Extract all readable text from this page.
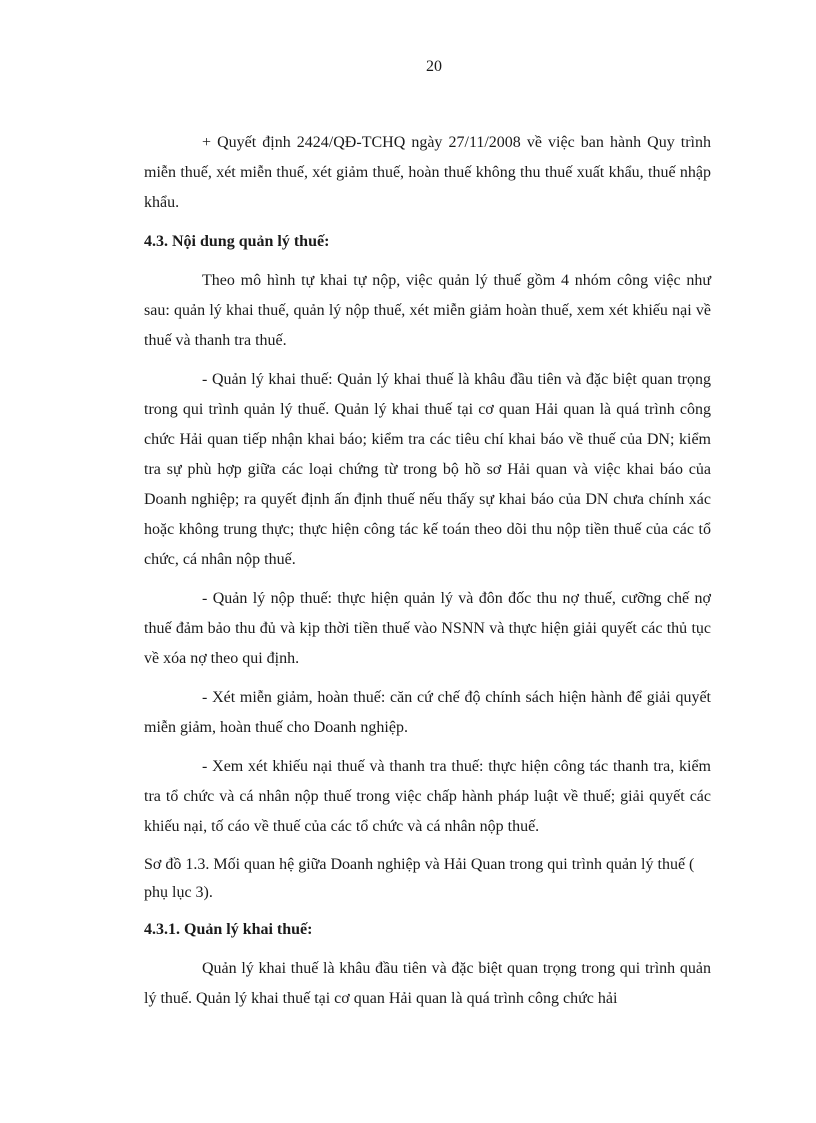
20

+ Quyết định 2424/QĐ-TCHQ ngày 27/11/2008 về việc ban hành Quy trình miễn thuế, xét miễn thuế, xét giảm thuế, hoàn thuế không thu thuế xuất khẩu, thuế nhập khẩu.

4.3. Nội dung quản lý thuế:

Theo mô hình tự khai tự nộp, việc quản lý thuế gồm 4 nhóm công việc như sau: quản lý khai thuế, quản lý nộp thuế, xét miễn giảm hoàn thuế, xem xét khiếu nại về thuế và thanh tra thuế.

- Quản lý khai thuế: Quản lý khai thuế là khâu đầu tiên và đặc biệt quan trọng trong qui trình quản lý thuế. Quản lý khai thuế tại cơ quan Hải quan là quá trình công chức Hải quan tiếp nhận khai báo; kiểm tra các tiêu chí khai báo về thuế của DN; kiểm tra sự phù hợp giữa các loại chứng từ trong bộ hồ sơ Hải quan và việc khai báo của Doanh nghiệp; ra quyết định ấn định thuế nếu thấy sự khai báo của DN chưa chính xác hoặc không trung thực; thực hiện công tác kế toán theo dõi thu nộp tiền thuế của các tổ chức, cá nhân nộp thuế.

- Quản lý nộp thuế: thực hiện quản lý và đôn đốc thu nợ thuế, cưỡng chế nợ thuế đảm bảo thu đủ và kịp thời tiền thuế vào NSNN và thực hiện giải quyết các thủ tục về xóa nợ theo qui định.

- Xét miễn giảm, hoàn thuế: căn cứ chế độ chính sách hiện hành để giải quyết miễn giảm, hoàn thuế cho Doanh nghiệp.

- Xem xét khiếu nại thuế và thanh tra thuế: thực hiện công tác thanh tra, kiểm tra tổ chức và cá nhân nộp thuế trong việc chấp hành pháp luật về thuế; giải quyết các khiếu nại, tố cáo về thuế của các tổ chức và cá nhân nộp thuế.

Sơ đồ 1.3. Mối quan hệ giữa Doanh nghiệp và Hải Quan trong qui trình quản lý thuế ( phụ lục 3).

4.3.1. Quản lý khai thuế:

Quản lý khai thuế là khâu đầu tiên và đặc biệt quan trọng trong qui trình quản lý thuế. Quản lý khai thuế tại cơ quan Hải quan là quá trình công chức hải
